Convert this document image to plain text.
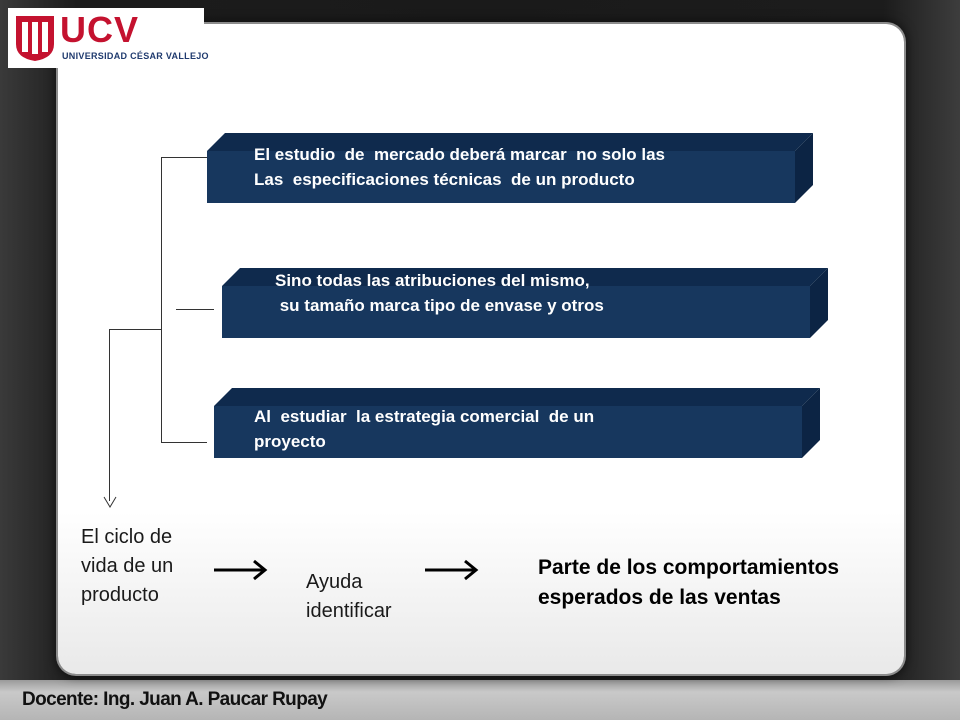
UCV
UNIVERSIDAD CÉSAR VALLEJO
El estudio  de  mercado deberá marcar  no solo las
Las  especificaciones técnicas  de un producto
Sino todas las atribuciones del mismo,
su tamaño marca tipo de envase y otros
Al  estudiar  la estrategia comercial  de un
proyecto
El ciclo de vida de un producto
Ayuda identificar
Parte de los comportamientos esperados de las ventas
Docente: Ing. Juan A. Paucar Rupay
